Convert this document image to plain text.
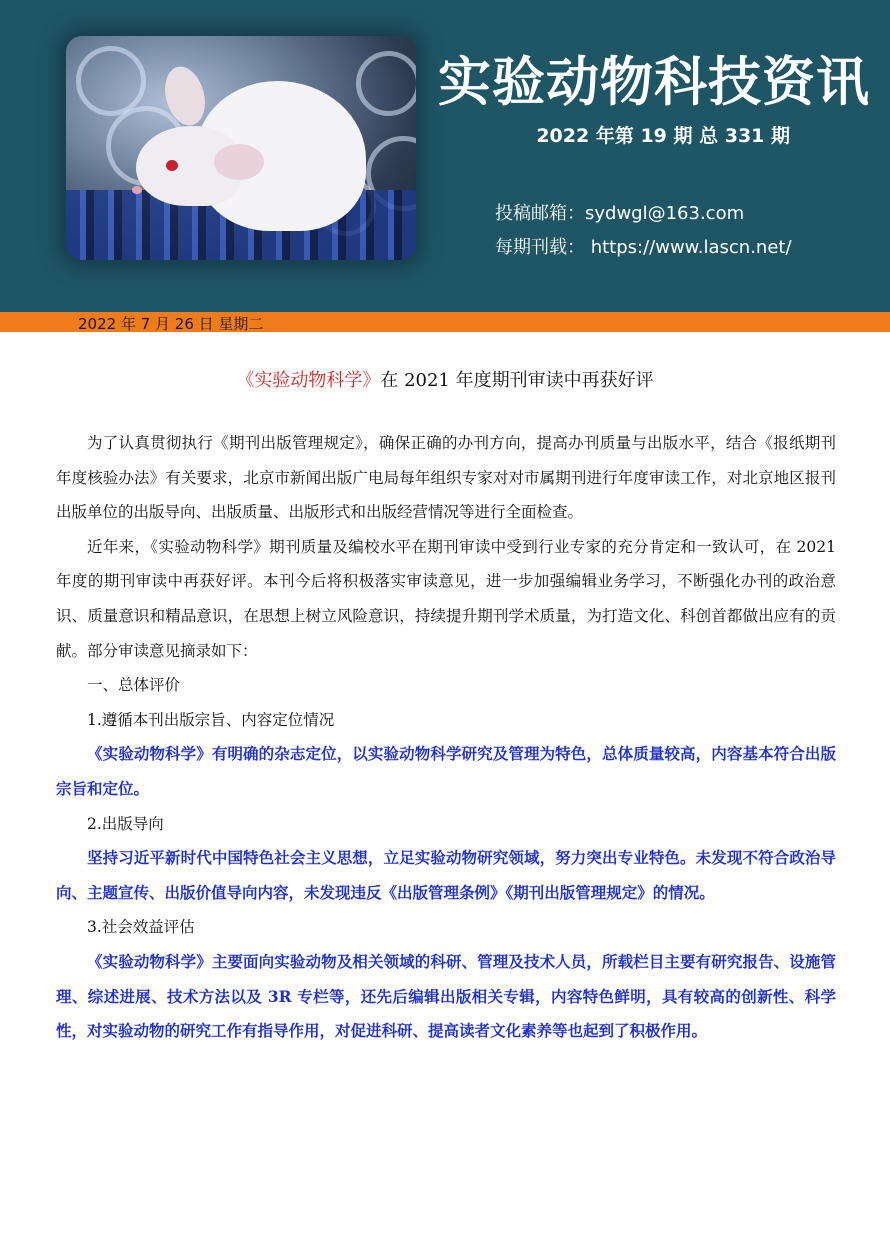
实验动物科技资讯
2022 年第 19 期 总 331 期
投稿邮箱：sydwgl@163.com
每期刊载： https://www.lascn.net/
2022 年 7 月 26 日 星期二
《实验动物科学》在 2021 年度期刊审读中再获好评

为了认真贯彻执行《期刊出版管理规定》，确保正确的办刊方向，提高办刊质量与出版水平，结合《报纸期刊年度核验办法》有关要求，北京市新闻出版广电局每年组织专家对对市属期刊进行年度审读工作，对北京地区报刊出版单位的出版导向、出版质量、出版形式和出版经营情况等进行全面检查。

近年来，《实验动物科学》期刊质量及编校水平在期刊审读中受到行业专家的充分肯定和一致认可，在 2021 年度的期刊审读中再获好评。本刊今后将积极落实审读意见，进一步加强编辑业务学习，不断强化办刊的政治意识、质量意识和精品意识，在思想上树立风险意识，持续提升期刊学术质量，为打造文化、科创首都做出应有的贡献。部分审读意见摘录如下：

一、总体评价

1.遵循本刊出版宗旨、内容定位情况

《实验动物科学》有明确的杂志定位，以实验动物科学研究及管理为特色，总体质量较高，内容基本符合出版宗旨和定位。

2.出版导向

坚持习近平新时代中国特色社会主义思想，立足实验动物研究领域，努力突出专业特色。未发现不符合政治导向、主题宣传、出版价值导向内容，未发现违反《出版管理条例》《期刊出版管理规定》的情况。

3.社会效益评估

《实验动物科学》主要面向实验动物及相关领域的科研、管理及技术人员，所载栏目主要有研究报告、设施管理、综述进展、技术方法以及 3R 专栏等，还先后编辑出版相关专辑，内容特色鲜明，具有较高的创新性、科学性，对实验动物的研究工作有指导作用，对促进科研、提高读者文化素养等也起到了积极作用。
